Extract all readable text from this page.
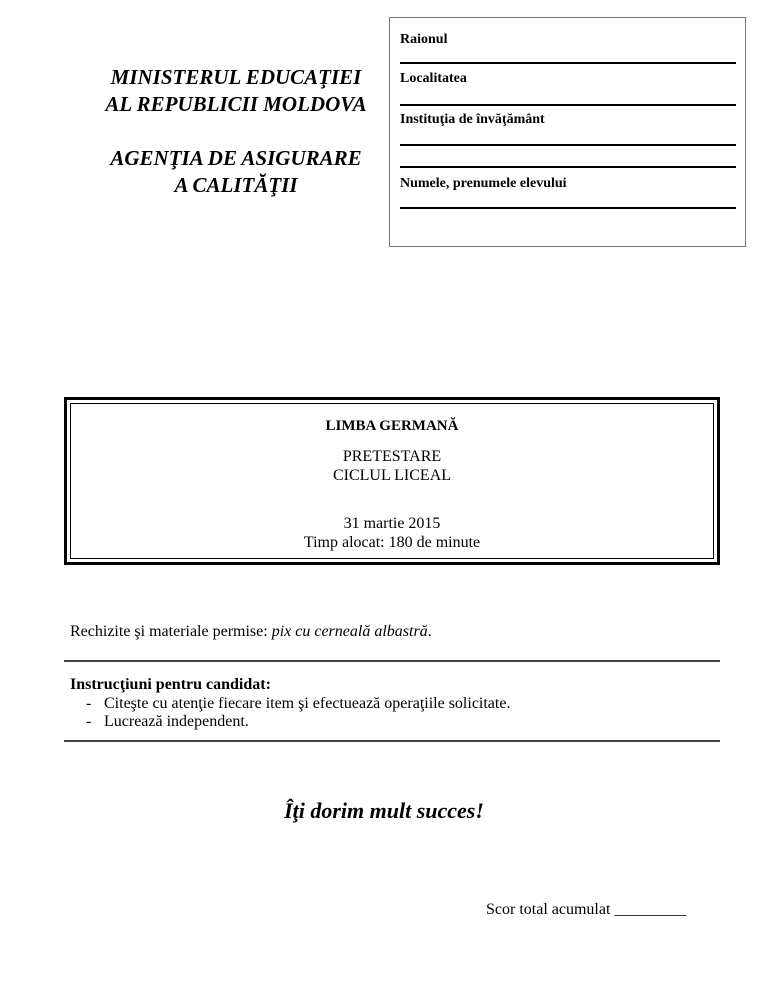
MINISTERUL EDUCAŢIEI
AL REPUBLICII MOLDOVA
AGENŢIA DE ASIGURARE
A CALITĂŢII
Raionul
Localitatea
Instituţia de învăţământ
Numele, prenumele elevului
LIMBA GERMANĂ
PRETESTARE
CICLUL LICEAL
31 martie 2015
Timp alocat: 180 de minute
Rechizite şi materiale permise: pix cu cerneală albastră.
Instrucţiuni pentru candidat:
- Citeşte cu atenţie fiecare item şi efectuează operaţiile solicitate.
- Lucrează independent.
Îţi dorim mult succes!
Scor total acumulat _________
